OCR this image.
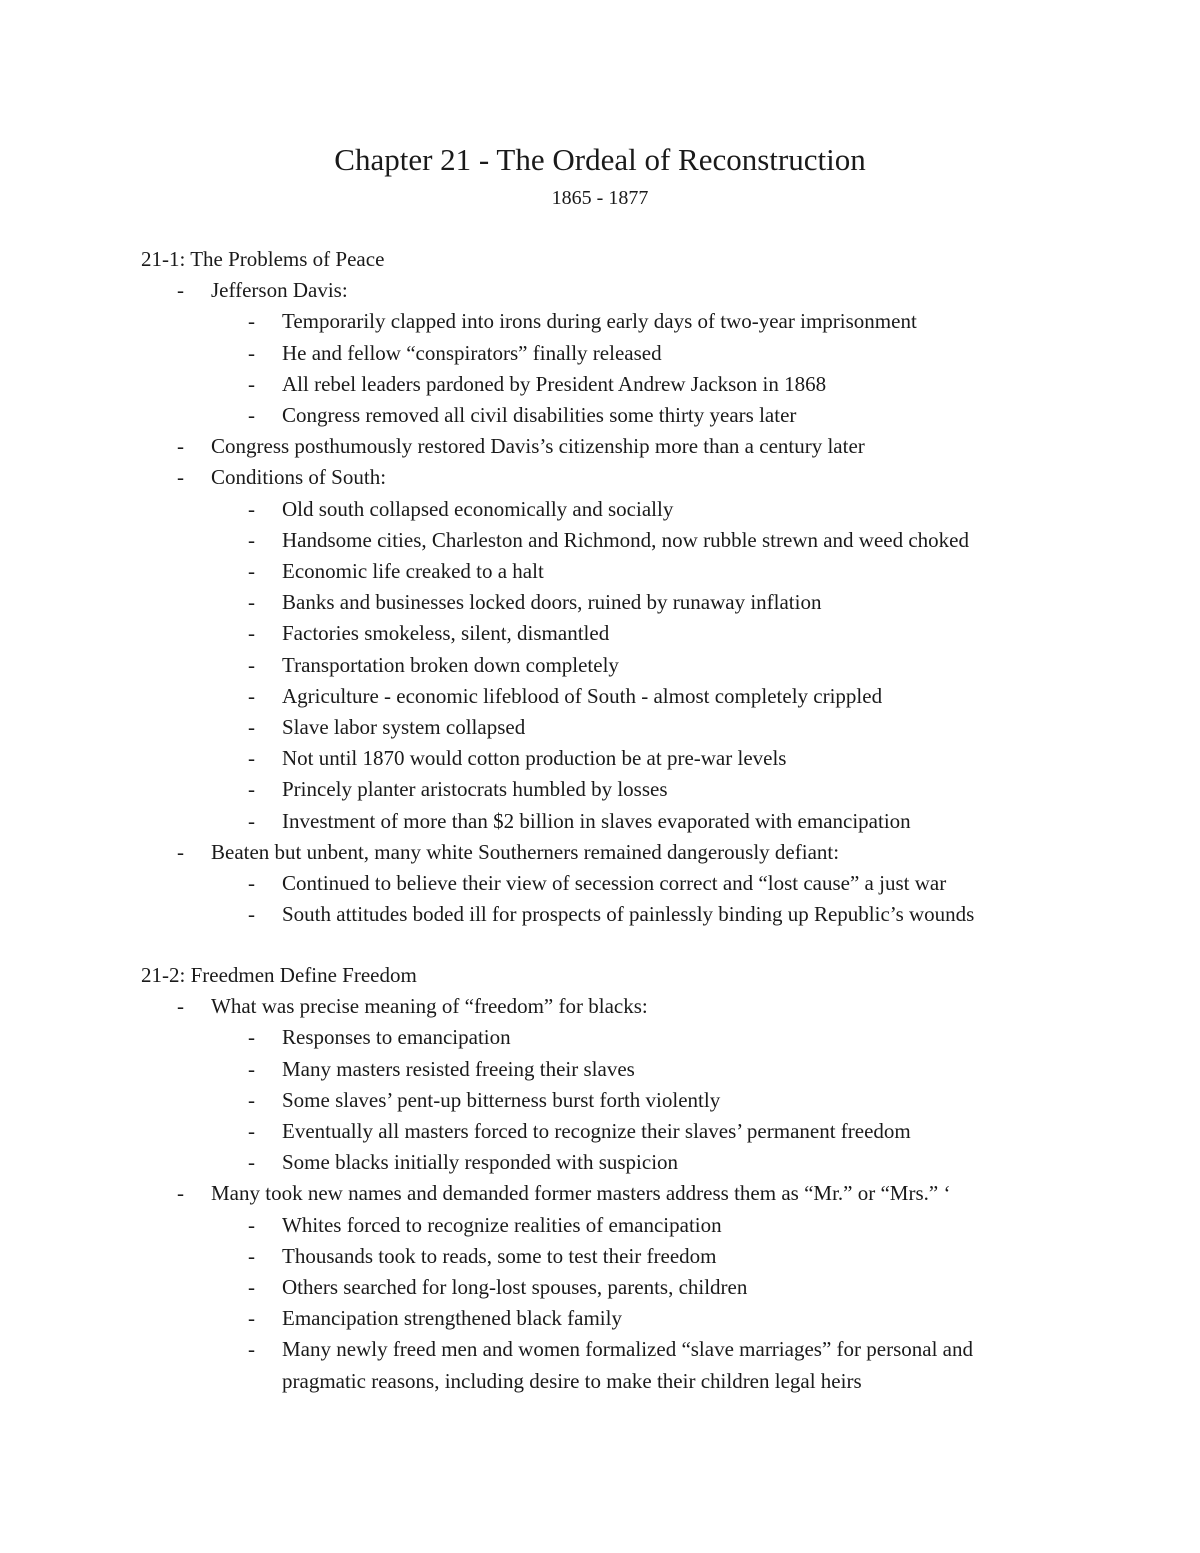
Chapter 21 - The Ordeal of Reconstruction
1865 - 1877
21-1: The Problems of Peace
- Jefferson Davis:
- Temporarily clapped into irons during early days of two-year imprisonment
- He and fellow “conspirators” finally released
- All rebel leaders pardoned by President Andrew Jackson in 1868
- Congress removed all civil disabilities some thirty years later
- Congress posthumously restored Davis’s citizenship more than a century later
- Conditions of South:
- Old south collapsed economically and socially
- Handsome cities, Charleston and Richmond, now rubble strewn and weed choked
- Economic life creaked to a halt
- Banks and businesses locked doors, ruined by runaway inflation
- Factories smokeless, silent, dismantled
- Transportation broken down completely
- Agriculture - economic lifeblood of South - almost completely crippled
- Slave labor system collapsed
- Not until 1870 would cotton production be at pre-war levels
- Princely planter aristocrats humbled by losses
- Investment of more than $2 billion in slaves evaporated with emancipation
- Beaten but unbent, many white Southerners remained dangerously defiant:
- Continued to believe their view of secession correct and “lost cause” a just war
- South attitudes boded ill for prospects of painlessly binding up Republic’s wounds
21-2: Freedmen Define Freedom
- What was precise meaning of “freedom” for blacks:
- Responses to emancipation
- Many masters resisted freeing their slaves
- Some slaves’ pent-up bitterness burst forth violently
- Eventually all masters forced to recognize their slaves’ permanent freedom
- Some blacks initially responded with suspicion
- Many took new names and demanded former masters address them as “Mr.” or “Mrs.” ‘
- Whites forced to recognize realities of emancipation
- Thousands took to reads, some to test their freedom
- Others searched for long-lost spouses, parents, children
- Emancipation strengthened black family
- Many newly freed men and women formalized “slave marriages” for personal and pragmatic reasons, including desire to make their children legal heirs
